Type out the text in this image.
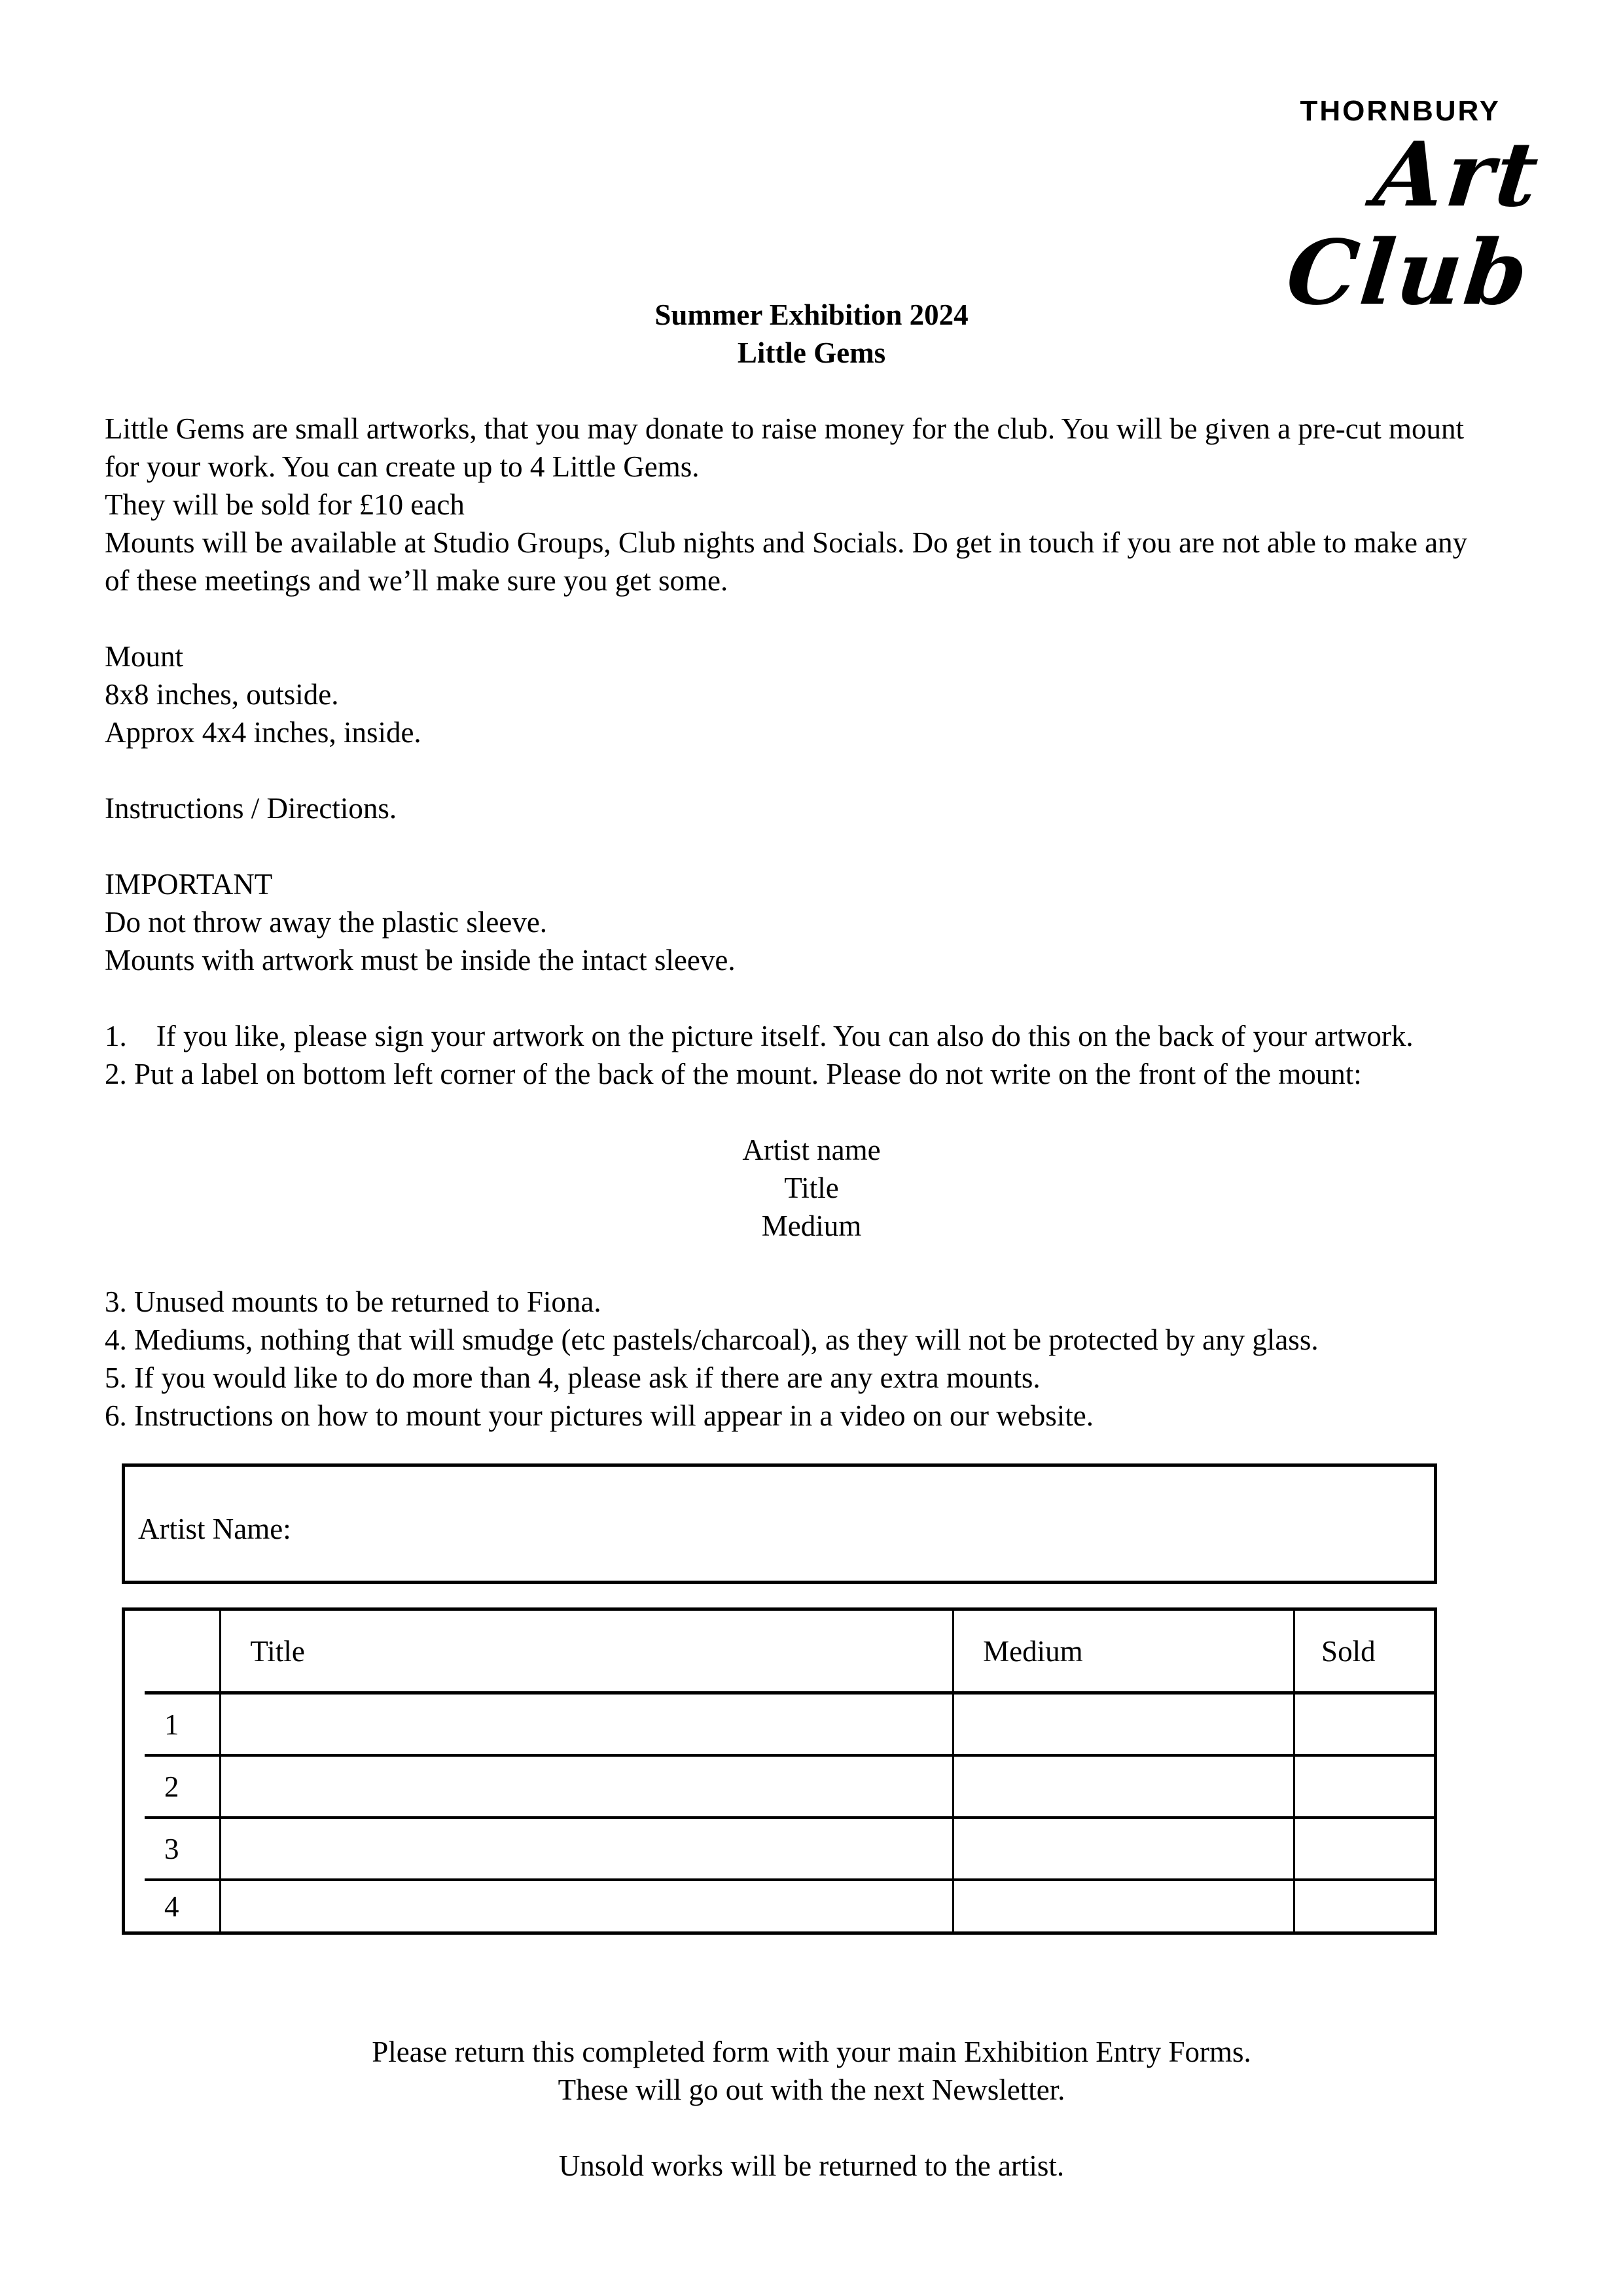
THORNBURY
Art Club
Summer Exhibition 2024
Little Gems
Little Gems are small artworks, that you may donate to raise money for the club. You will be given a pre-cut mount
for your work. You can create up to 4 Little Gems.
They will be sold for £10 each
Mounts will be available at Studio Groups, Club nights and Socials. Do get in touch if you are not able to make any
of these meetings and we’ll make sure you get some.
Mount
8x8 inches, outside.
Approx 4x4 inches, inside.
Instructions / Directions.
IMPORTANT
Do not throw away the plastic sleeve.
Mounts with artwork must be inside the intact sleeve.
1.    If you like, please sign your artwork on the picture itself. You can also do this on the back of your artwork.
2. Put a label on bottom left corner of the back of the mount. Please do not write on the front of the mount:
Artist name
Title
Medium
3. Unused mounts to be returned to Fiona.
4. Mediums, nothing that will smudge (etc pastels/charcoal), as they will not be protected by any glass.
5. If you would like to do more than 4, please ask if there are any extra mounts.
6. Instructions on how to mount your pictures will appear in a video on our website.
Artist Name:
	Title	Medium	Sold
1			
2			
3			
4			
Please return this completed form with your main Exhibition Entry Forms.
These will go out with the next Newsletter.
Unsold works will be returned to the artist.
